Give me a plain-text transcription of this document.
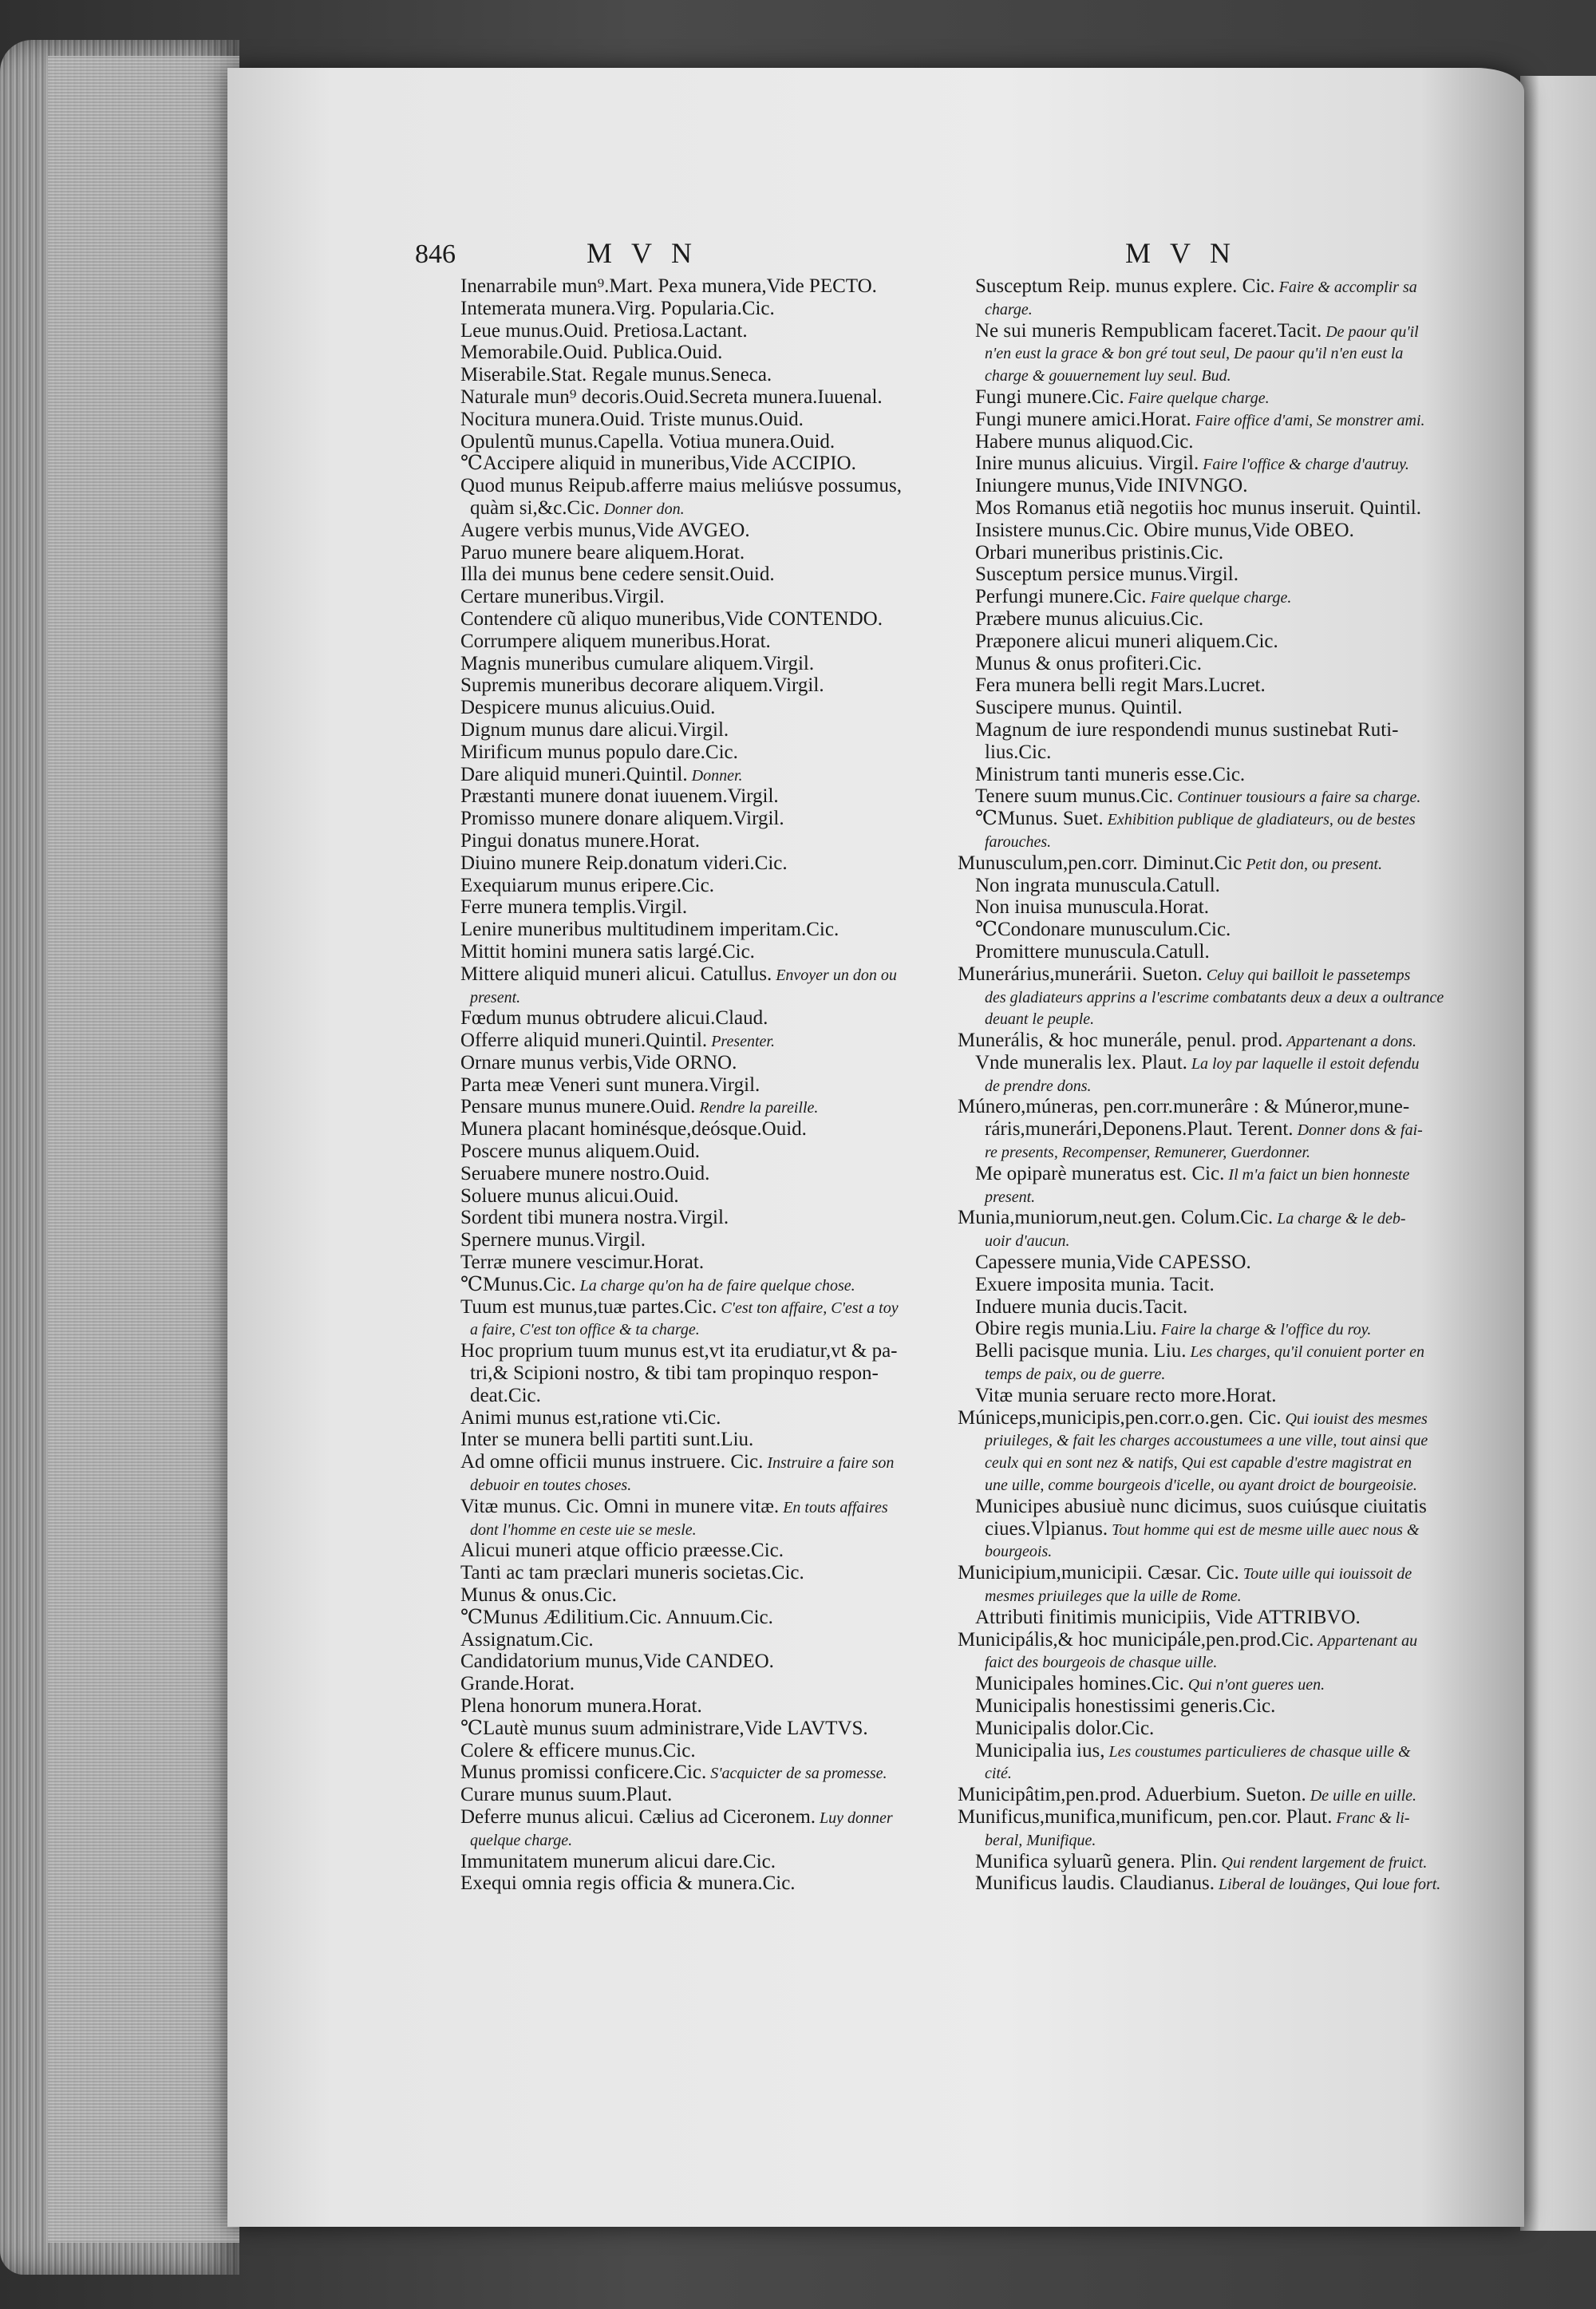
846	MVN	MVN
Inenarrabile mun⁹.Mart. Pexa munera,Vide PECTO.
Intemerata munera.Virg. Popularia.Cic.
Leue munus.Ouid. Pretiosa.Lactant.
Memorabile.Ouid. Publica.Ouid.
Miserabile.Stat. Regale munus.Seneca.
Naturale mun⁹ decoris.Ouid.Secreta munera.Iuuenal.
Nocitura munera.Ouid. Triste munus.Ouid.
Opulentũ munus.Capella. Votiua munera.Ouid.
℃Accipere aliquid in muneribus,Vide ACCIPIO.
Quod munus Reipub.afferre maius meliúsve possumus,
quàm si,&c.Cic. Donner don.
Augere verbis munus,Vide AVGEO.
Paruo munere beare aliquem.Horat.
Illa dei munus bene cedere sensit.Ouid.
Certare muneribus.Virgil.
Contendere cũ aliquo muneribus,Vide CONTENDO.
Corrumpere aliquem muneribus.Horat.
Magnis muneribus cumulare aliquem.Virgil.
Supremis muneribus decorare aliquem.Virgil.
Despicere munus alicuius.Ouid.
Dignum munus dare alicui.Virgil.
Mirificum munus populo dare.Cic.
Dare aliquid muneri.Quintil. Donner.
Præstanti munere donat iuuenem.Virgil.
Promisso munere donare aliquem.Virgil.
Pingui donatus munere.Horat.
Diuino munere Reip.donatum videri.Cic.
Exequiarum munus eripere.Cic.
Ferre munera templis.Virgil.
Lenire muneribus multitudinem imperitam.Cic.
Mittit homini munera satis largé.Cic.
Mittere aliquid muneri alicui. Catullus. Envoyer un don ou
present.
Fœdum munus obtrudere alicui.Claud.
Offerre aliquid muneri.Quintil. Presenter.
Ornare munus verbis,Vide ORNO.
Parta meæ Veneri sunt munera.Virgil.
Pensare munus munere.Ouid. Rendre la pareille.
Munera placant hominésque,deósque.Ouid.
Poscere munus aliquem.Ouid.
Seruabere munere nostro.Ouid.
Soluere munus alicui.Ouid.
Sordent tibi munera nostra.Virgil.
Spernere munus.Virgil.
Terræ munere vescimur.Horat.
℃Munus.Cic. La charge qu'on ha de faire quelque chose.
Tuum est munus,tuæ partes.Cic. C'est ton affaire, C'est a toy
a faire, C'est ton office & ta charge.
Hoc proprium tuum munus est,vt ita erudiatur,vt & pa-
tri,& Scipioni nostro, & tibi tam propinquo respon-
deat.Cic.
Animi munus est,ratione vti.Cic.
Inter se munera belli partiti sunt.Liu.
Ad omne officii munus instruere. Cic. Instruire a faire son
debuoir en toutes choses.
Vitæ munus. Cic. Omni in munere vitæ. En touts affaires
dont l'homme en ceste uie se mesle.
Alicui muneri atque officio præesse.Cic.
Tanti ac tam præclari muneris societas.Cic.
Munus & onus.Cic.
℃Munus Ædilitium.Cic. Annuum.Cic.
Assignatum.Cic.
Candidatorium munus,Vide CANDEO.
Grande.Horat.
Plena honorum munera.Horat.
℃Lautè munus suum administrare,Vide LAVTVS.
Colere & efficere munus.Cic.
Munus promissi conficere.Cic. S'acquicter de sa promesse.
Curare munus suum.Plaut.
Deferre munus alicui. Cælius ad Ciceronem. Luy donner
quelque charge.
Immunitatem munerum alicui dare.Cic.
Exequi omnia regis officia & munera.Cic.
Susceptum Reip. munus explere. Cic. Faire & accomplir sa
charge.
Ne sui muneris Rempublicam faceret.Tacit. De paour qu'il
n'en eust la grace & bon gré tout seul, De paour qu'il n'en eust la
charge & gouuernement luy seul. Bud.
Fungi munere.Cic. Faire quelque charge.
Fungi munere amici.Horat. Faire office d'ami, Se monstrer ami.
Habere munus aliquod.Cic.
Inire munus alicuius. Virgil. Faire l'office & charge d'autruy.
Iniungere munus,Vide INIVNGO.
Mos Romanus etiã negotiis hoc munus inseruit. Quintil.
Insistere munus.Cic. Obire munus,Vide OBEO.
Orbari muneribus pristinis.Cic.
Susceptum persice munus.Virgil.
Perfungi munere.Cic. Faire quelque charge.
Præbere munus alicuius.Cic.
Præponere alicui muneri aliquem.Cic.
Munus & onus profiteri.Cic.
Fera munera belli regit Mars.Lucret.
Suscipere munus. Quintil.
Magnum de iure respondendi munus sustinebat Ruti-
lius.Cic.
Ministrum tanti muneris esse.Cic.
Tenere suum munus.Cic. Continuer tousiours a faire sa charge.
℃Munus. Suet. Exhibition publique de gladiateurs, ou de bestes
farouches.
Munusculum,pen.corr. Diminut.Cic Petit don, ou present.
Non ingrata munuscula.Catull.
Non inuisa munuscula.Horat.
℃Condonare munusculum.Cic.
Promittere munuscula.Catull.
Munerárius,munerárii. Sueton. Celuy qui bailloit le passetemps
des gladiateurs apprins a l'escrime combatants deux a deux a oultrance
deuant le peuple.
Munerális, & hoc munerále, penul. prod. Appartenant a dons.
Vnde muneralis lex. Plaut. La loy par laquelle il estoit defendu
de prendre dons.
Múnero,múneras, pen.corr.munerâre : & Múneror,mune-
ráris,munerári,Deponens.Plaut. Terent. Donner dons & fai-
re presents, Recompenser, Remunerer, Guerdonner.
Me opiparè muneratus est. Cic. Il m'a faict un bien honneste
present.
Munia,muniorum,neut.gen. Colum.Cic. La charge & le deb-
uoir d'aucun.
Capessere munia,Vide CAPESSO.
Exuere imposita munia. Tacit.
Induere munia ducis.Tacit.
Obire regis munia.Liu. Faire la charge & l'office du roy.
Belli pacisque munia. Liu. Les charges, qu'il conuient porter en
temps de paix, ou de guerre.
Vitæ munia seruare recto more.Horat.
Múniceps,municipis,pen.corr.o.gen. Cic. Qui iouist des mesmes
priuileges, & fait les charges accoustumees a une ville, tout ainsi que
ceulx qui en sont nez & natifs, Qui est capable d'estre magistrat en
une uille, comme bourgeois d'icelle, ou ayant droict de bourgeoisie.
Municipes abusiuè nunc dicimus, suos cuiúsque ciuitatis
ciues.Vlpianus. Tout homme qui est de mesme uille auec nous &
bourgeois.
Municipium,municipii. Cæsar. Cic. Toute uille qui iouissoit de
mesmes priuileges que la uille de Rome.
Attributi finitimis municipiis, Vide ATTRIBVO.
Municipális,& hoc municipále,pen.prod.Cic. Appartenant au
faict des bourgeois de chasque uille.
Municipales homines.Cic. Qui n'ont gueres uen.
Municipalis honestissimi generis.Cic.
Municipalis dolor.Cic.
Municipalia ius, Les coustumes particulieres de chasque uille &
cité.
Municipâtim,pen.prod. Aduerbium. Sueton. De uille en uille.
Munificus,munifica,munificum, pen.cor. Plaut. Franc & li-
beral, Munifique.
Munifica syluarũ genera. Plin. Qui rendent largement de fruict.
Munificus laudis. Claudianus. Liberal de louänges, Qui loue fort.
